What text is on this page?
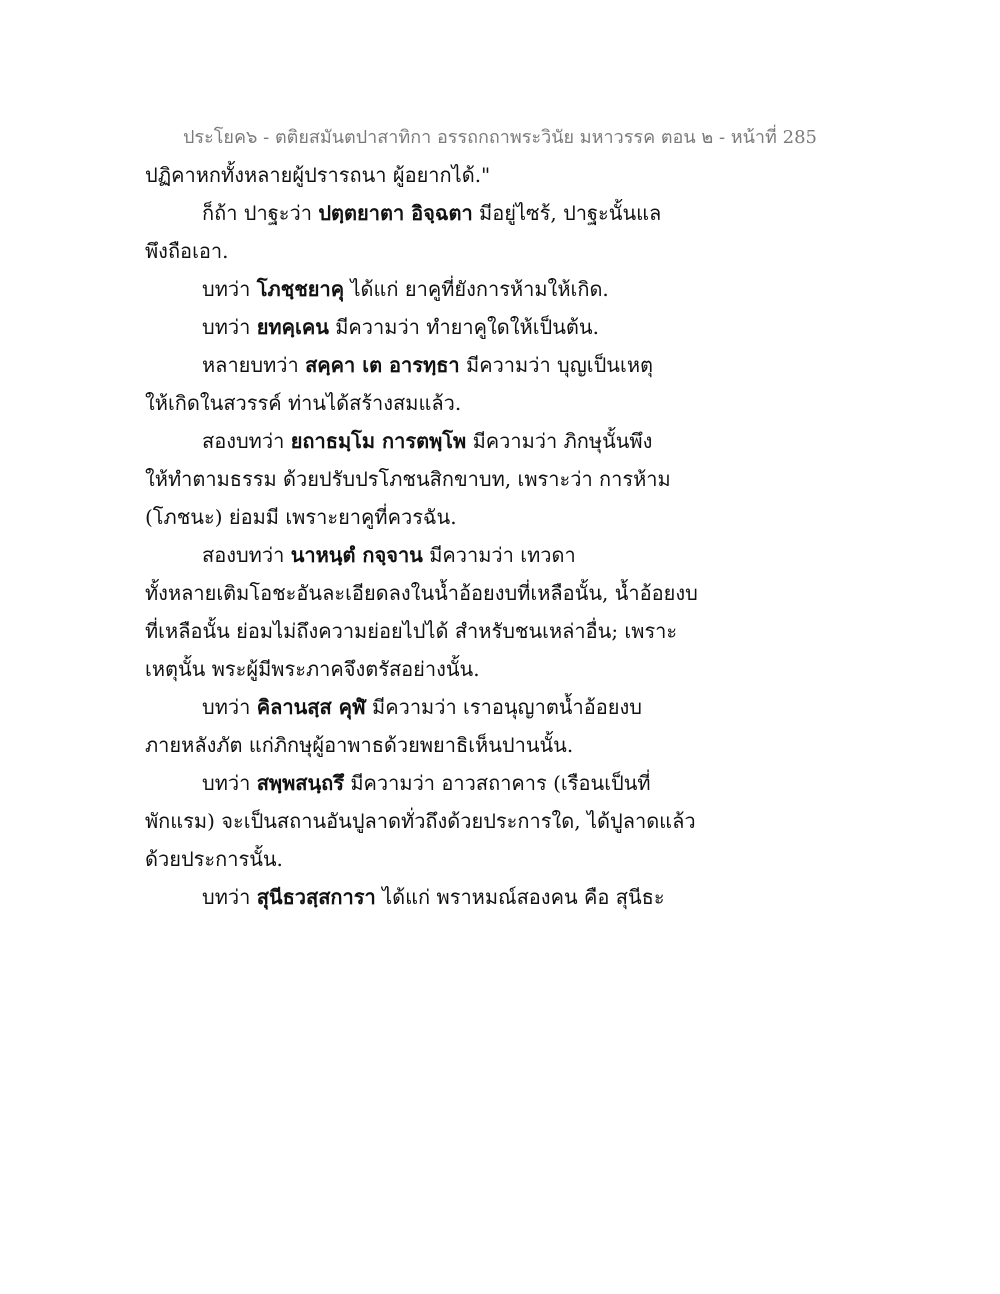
ประโยค๖ - ตติยสมันตปาสาทิกา อรรถกถาพระวินัย มหาวรรค ตอน ๒ - หน้าที่ 285
ปฏิคาหกทั้งหลายผู้ปรารถนา ผู้อยากได้."
ก็ถ้า ปาฐะว่า ปตฺตยาตา อิจฺฉตา มีอยู่ไซร้, ปาฐะนั้นแล
พึงถือเอา.
บทว่า โภชฺชยาคุ ได้แก่ ยาคูที่ยังการห้ามให้เกิด.
บทว่า ยทคฺเคน มีความว่า ทำยาคูใดให้เป็นต้น.
หลายบทว่า สคฺคา เต อารทฺธา มีความว่า บุญเป็นเหตุ
ให้เกิดในสวรรค์ ท่านได้สร้างสมแล้ว.
สองบทว่า ยถาธมฺโม การตพฺโพ มีความว่า ภิกษุนั้นพึง
ให้ทำตามธรรม ด้วยปรับปรโภชนสิกขาบท, เพราะว่า การห้าม
(โภชนะ) ย่อมมี เพราะยาคูที่ควรฉัน.
สองบทว่า นาหนฺตํ กจฺจาน มีความว่า เทวดา
ทั้งหลายเติมโอชะอันละเอียดลงในน้ำอ้อยงบที่เหลือนั้น, น้ำอ้อยงบ
ที่เหลือนั้น ย่อมไม่ถึงความย่อยไปได้ สำหรับชนเหล่าอื่น; เพราะ
เหตุนั้น พระผู้มีพระภาคจึงตรัสอย่างนั้น.
บทว่า คิลานสฺส คุฬํ มีความว่า เราอนุญาตน้ำอ้อยงบ
ภายหลังภัต แก่ภิกษุผู้อาพาธด้วยพยาธิเห็นปานนั้น.
บทว่า สพฺพสนฺถรึ มีความว่า อาวสถาคาร (เรือนเป็นที่
พักแรม) จะเป็นสถานอันปูลาดทั่วถึงด้วยประการใด, ได้ปูลาดแล้ว
ด้วยประการนั้น.
บทว่า สุนีธวสฺสการา ได้แก่ พราหมณ์สองคน คือ สุนีธะ
